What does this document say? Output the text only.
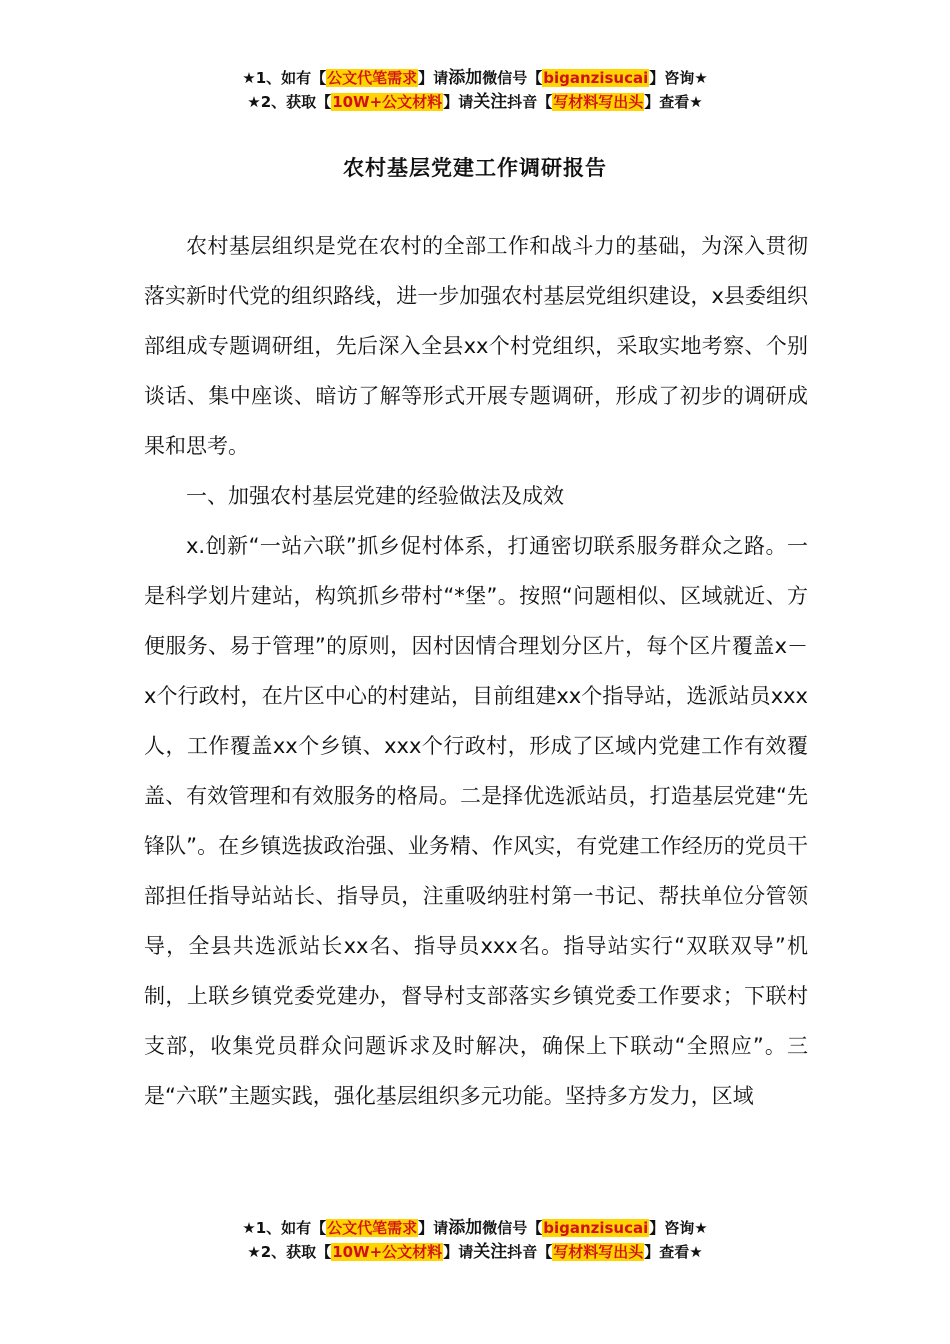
★1、如有【公文代笔需求】请添加微信号【biganzisucai】咨询★
★2、获取【10W+公文材料】请关注抖音【写材料写出头】查看★
农村基层党建工作调研报告

农村基层组织是党在农村的全部工作和战斗力的基础，为深入贯彻落实新时代党的组织路线，进一步加强农村基层党组织建设，x县委组织部组成专题调研组，先后深入全县xx个村党组织，采取实地考察、个别谈话、集中座谈、暗访了解等形式开展专题调研，形成了初步的调研成果和思考。

一、加强农村基层党建的经验做法及成效

x.创新“一站六联”抓乡促村体系，打通密切联系服务群众之路。一是科学划片建站，构筑抓乡带村“*堡”。按照“问题相似、区域就近、方便服务、易于管理”的原则，因村因情合理划分区片，每个区片覆盖x－x个行政村，在片区中心的村建站，目前组建xx个指导站，选派站员xxx人，工作覆盖xx个乡镇、xxx个行政村，形成了区域内党建工作有效覆盖、有效管理和有效服务的格局。二是择优选派站员，打造基层党建“先锋队”。在乡镇选拔政治强、业务精、作风实，有党建工作经历的党员干部担任指导站站长、指导员，注重吸纳驻村第一书记、帮扶单位分管领导，全县共选派站长xx名、指导员xxx名。指导站实行“双联双导”机制，上联乡镇党委党建办，督导村支部落实乡镇党委工作要求；下联村支部，收集党员群众问题诉求及时解决，确保上下联动“全照应”。三是“六联”主题实践，强化基层组织多元功能。坚持多方发力，区域

★1、如有【公文代笔需求】请添加微信号【biganzisucai】咨询★
★2、获取【10W+公文材料】请关注抖音【写材料写出头】查看★
